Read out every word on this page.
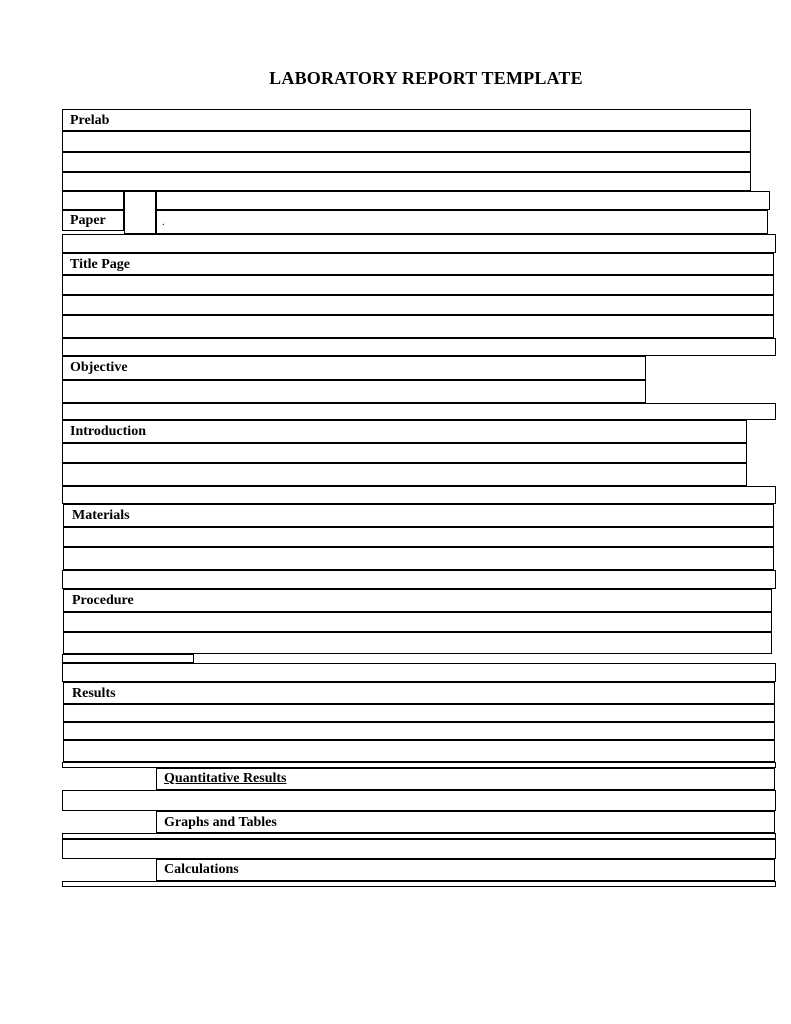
LABORATORY REPORT TEMPLATE
Prelab
Paper	.
Title Page
Objective
Introduction
Materials
Procedure
Results
Quantitative Results
Graphs and Tables
Calculations
